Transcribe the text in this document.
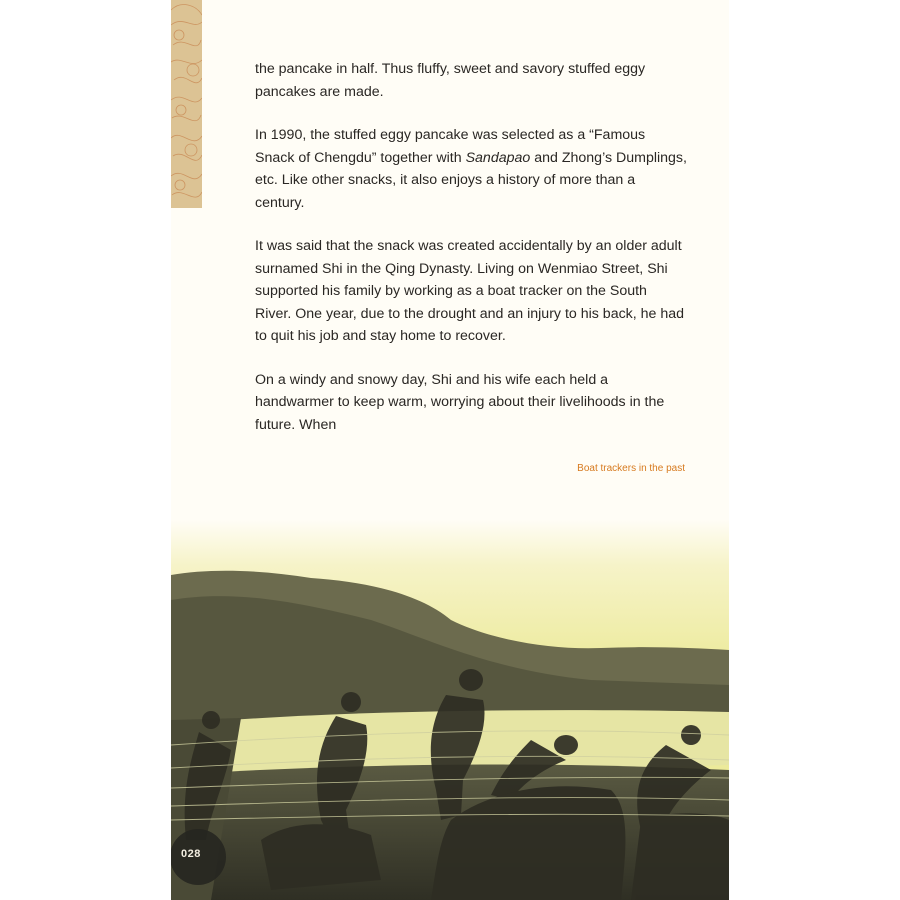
the pancake in half. Thus fluffy, sweet and savory stuffed eggy pancakes are made.

In 1990, the stuffed eggy pancake was selected as a “Famous Snack of Chengdu” together with Sandapao and Zhong’s Dumplings, etc. Like other snacks, it also enjoys a history of more than a century.

It was said that the snack was created accidentally by an older adult surnamed Shi in the Qing Dynasty. Living on Wenmiao Street, Shi supported his family by working as a boat tracker on the South River. One year, due to the drought and an injury to his back, he had to quit his job and stay home to recover.

On a windy and snowy day, Shi and his wife each held a handwarmer to keep warm, worrying about their livelihoods in the future. When

Boat trackers in the past
028
